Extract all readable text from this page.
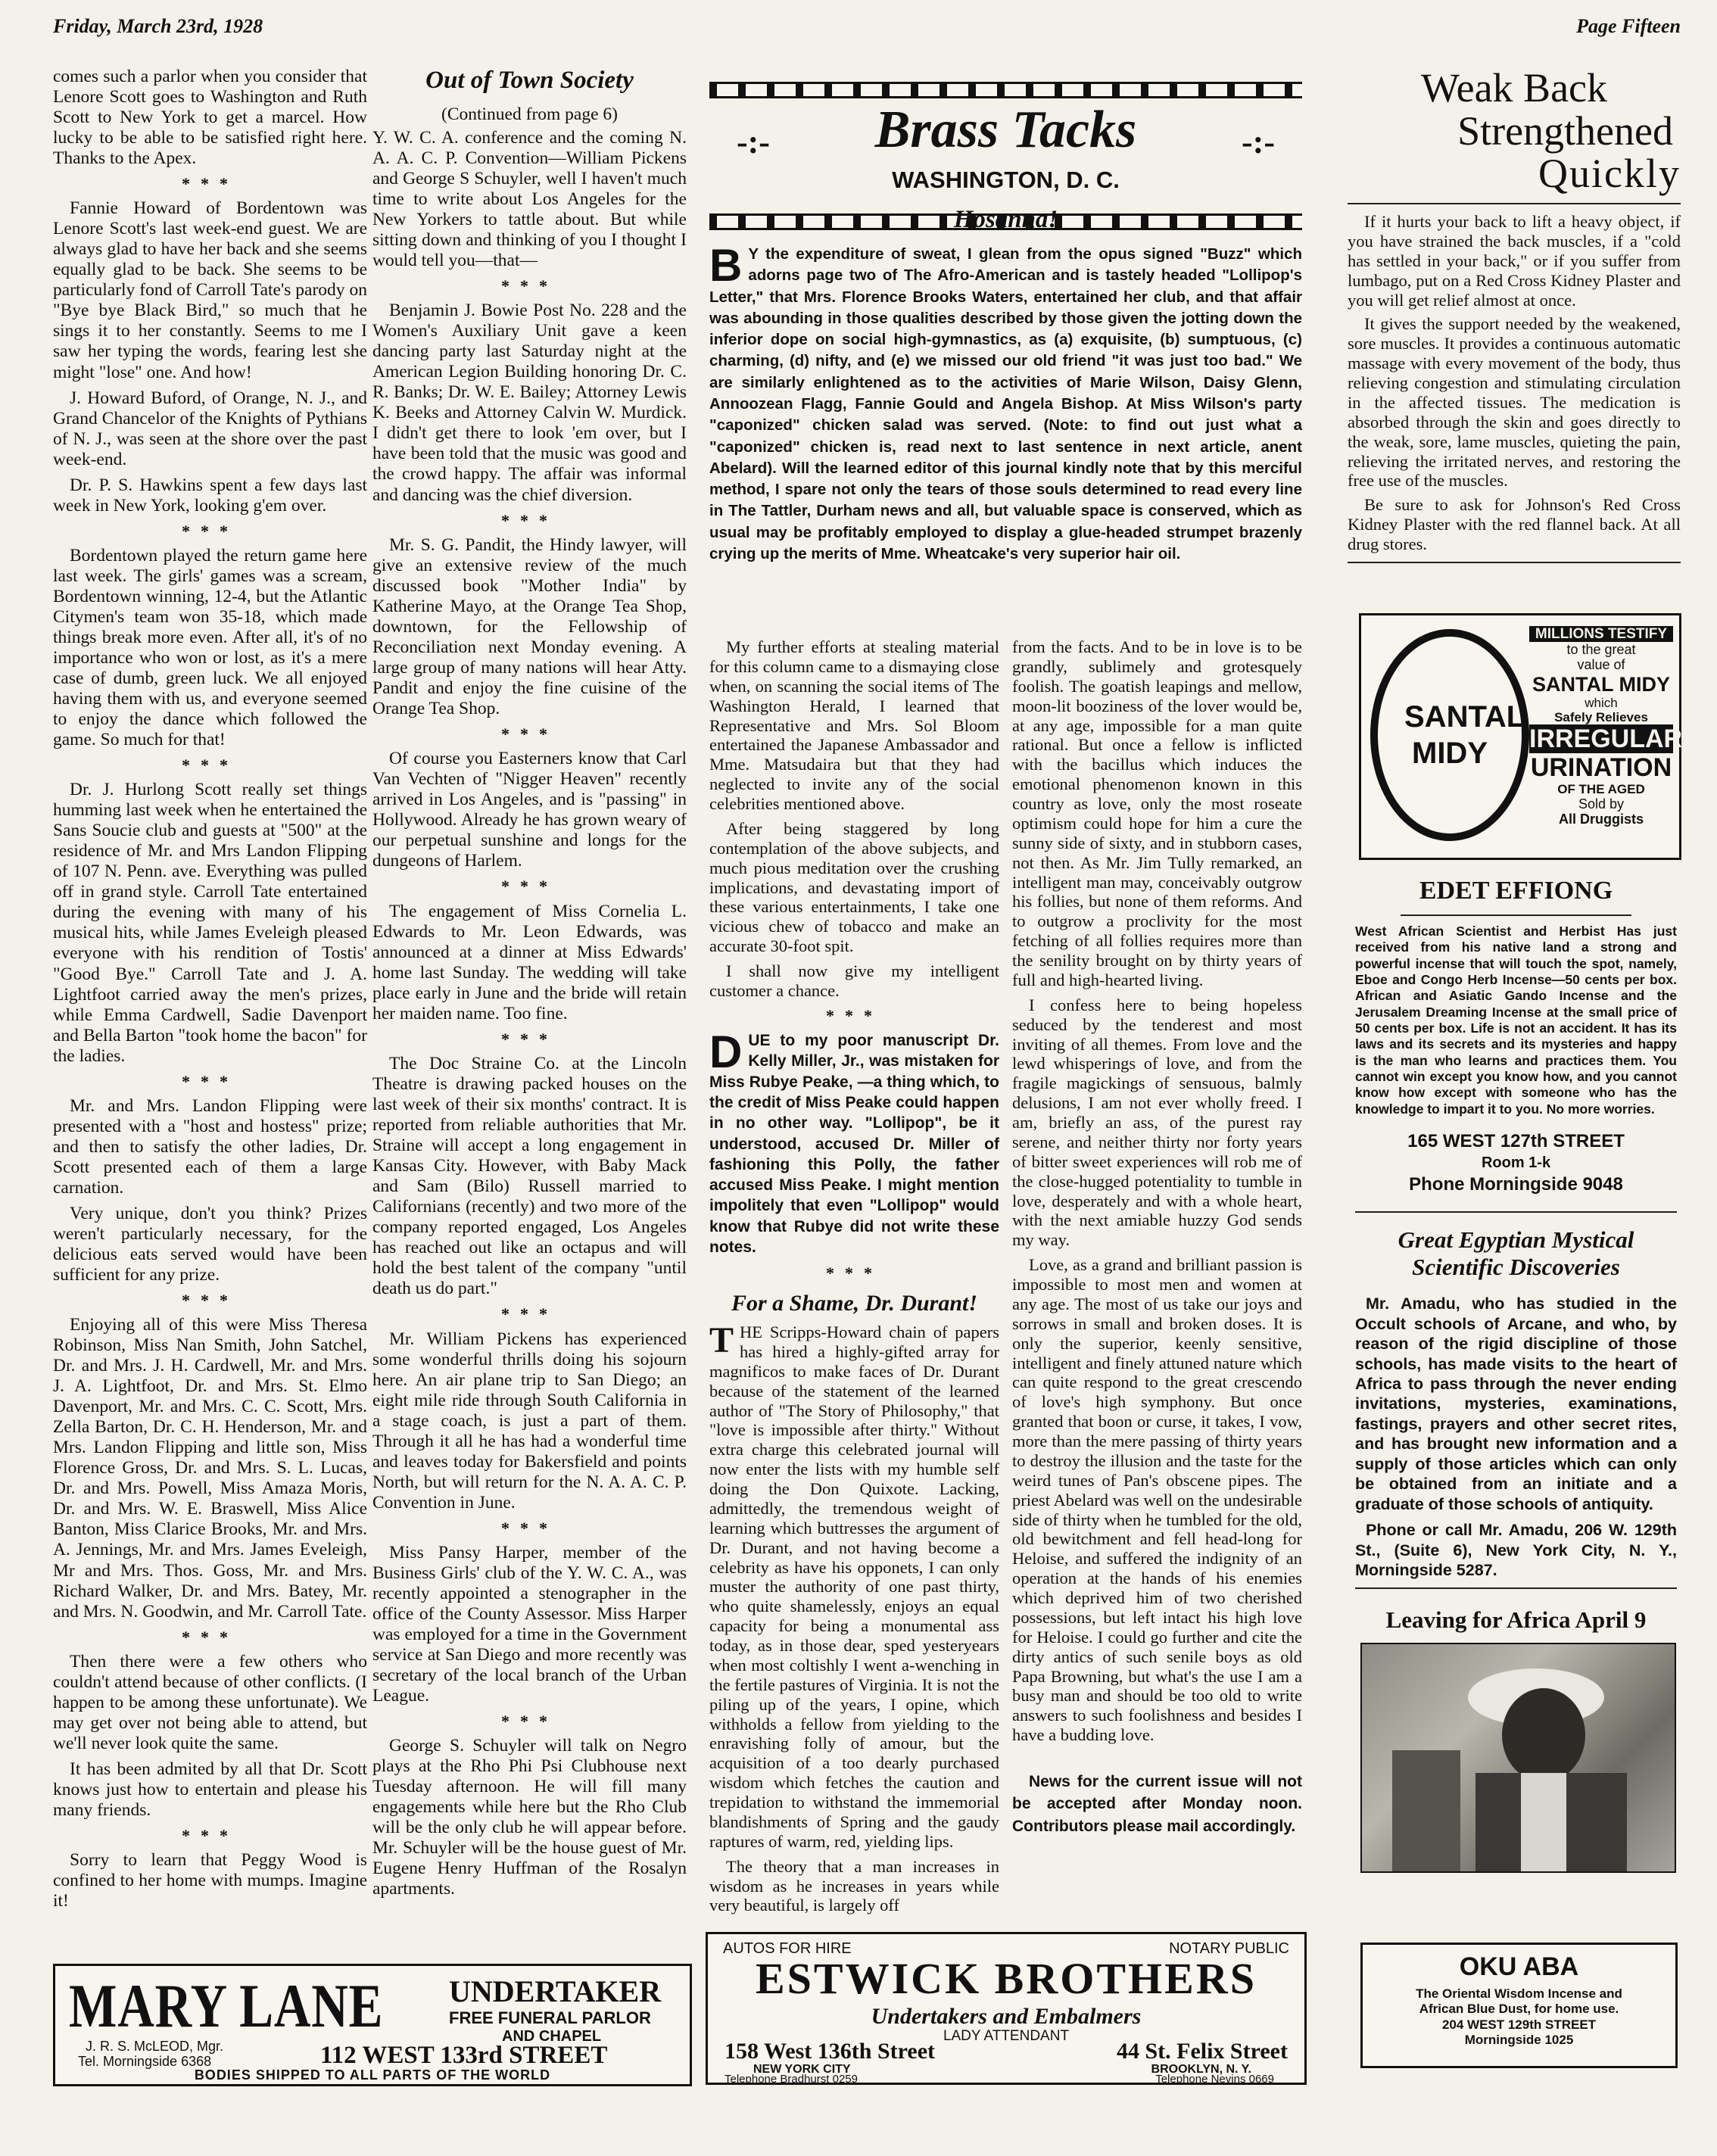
Friday, March 23rd, 1928	Page Fifteen

comes such a parlor when you consider that Lenore Scott goes to Washington and Ruth Scott to New York to get a marcel. How lucky to be able to be satisfied right here. Thanks to the Apex.

***

Fannie Howard of Bordentown was Lenore Scott's last week-end guest. We are always glad to have her back and she seems equally glad to be back. She seems to be particularly fond of Carroll Tate's parody on "Bye bye Black Bird," so much that he sings it to her constantly. Seems to me I saw her typing the words, fearing lest she might "lose" one. And how!

J. Howard Buford, of Orange, N. J., and Grand Chancelor of the Knights of Pythians of N. J., was seen at the shore over the past week-end.

Dr. P. S. Hawkins spent a few days last week in New York, looking g'em over.

***

Bordentown played the return game here last week. The girls' games was a scream, Bordentown winning, 12-4, but the Atlantic Citymen's team won 35-18, which made things break more even. After all, it's of no importance who won or lost, as it's a mere case of dumb, green luck. We all enjoyed having them with us, and everyone seemed to enjoy the dance which followed the game. So much for that!

***

Dr. J. Hurlong Scott really set things humming last week when he entertained the Sans Soucie club and guests at "500" at the residence of Mr. and Mrs Landon Flipping of 107 N. Penn. ave. Everything was pulled off in grand style. Carroll Tate entertained during the evening with many of his musical hits, while James Eveleigh pleased everyone with his rendition of Tostis' "Good Bye." Carroll Tate and J. A. Lightfoot carried away the men's prizes, while Emma Cardwell, Sadie Davenport and Bella Barton "took home the bacon" for the ladies.

***

Mr. and Mrs. Landon Flipping were presented with a "host and hostess" prize; and then to satisfy the other ladies, Dr. Scott presented each of them a large carnation.

Very unique, don't you think? Prizes weren't particularly necessary, for the delicious eats served would have been sufficient for any prize.

***

Enjoying all of this were Miss Theresa Robinson, Miss Nan Smith, John Satchel, Dr. and Mrs. J. H. Cardwell, Mr. and Mrs. J. A. Lightfoot, Dr. and Mrs. St. Elmo Davenport, Mr. and Mrs. C. C. Scott, Mrs. Zella Barton, Dr. C. H. Henderson, Mr. and Mrs. Landon Flipping and little son, Miss Florence Gross, Dr. and Mrs. S. L. Lucas, Dr. and Mrs. Powell, Miss Amaza Moris, Dr. and Mrs. W. E. Braswell, Miss Alice Banton, Miss Clarice Brooks, Mr. and Mrs. A. Jennings, Mr. and Mrs. James Eveleigh, Mr and Mrs. Thos. Goss, Mr. and Mrs. Richard Walker, Dr. and Mrs. Batey, Mr. and Mrs. N. Goodwin, and Mr. Carroll Tate.

***

Then there were a few others who couldn't attend because of other conflicts. (I happen to be among these unfortunate). We may get over not being able to attend, but we'll never look quite the same.

It has been admited by all that Dr. Scott knows just how to entertain and please his many friends.

***

Sorry to learn that Peggy Wood is confined to her home with mumps. Imagine it!

Out of Town Society
(Continued from page 6)

Y. W. C. A. conference and the coming N. A. A. C. P. Convention—William Pickens and George S Schuyler, well I haven't much time to write about Los Angeles for the New Yorkers to tattle about. But while sitting down and thinking of you I thought I would tell you—that—

***

Benjamin J. Bowie Post No. 228 and the Women's Auxiliary Unit gave a keen dancing party last Saturday night at the American Legion Building honoring Dr. C. R. Banks; Dr. W. E. Bailey; Attorney Lewis K. Beeks and Attorney Calvin W. Murdick. I didn't get there to look 'em over, but I have been told that the music was good and the crowd happy. The affair was informal and dancing was the chief diversion.

***

Mr. S. G. Pandit, the Hindy lawyer, will give an extensive review of the much discussed book "Mother India" by Katherine Mayo, at the Orange Tea Shop, downtown, for the Fellowship of Reconciliation next Monday evening. A large group of many nations will hear Atty. Pandit and enjoy the fine cuisine of the Orange Tea Shop.

***

Of course you Easterners know that Carl Van Vechten of "Nigger Heaven" recently arrived in Los Angeles, and is "passing" in Hollywood. Already he has grown weary of our perpetual sunshine and longs for the dungeons of Harlem.

***

The engagement of Miss Cornelia L. Edwards to Mr. Leon Edwards, was announced at a dinner at Miss Edwards' home last Sunday. The wedding will take place early in June and the bride will retain her maiden name. Too fine.

***

The Doc Straine Co. at the Lincoln Theatre is drawing packed houses on the last week of their six months' contract. It is reported from reliable authorities that Mr. Straine will accept a long engagement in Kansas City. However, with Baby Mack and Sam (Bilo) Russell married to Californians (recently) and two more of the company reported engaged, Los Angeles has reached out like an octapus and will hold the best talent of the company "until death us do part."

***

Mr. William Pickens has experienced some wonderful thrills doing his sojourn here. An air plane trip to San Diego; an eight mile ride through South California in a stage coach, is just a part of them. Through it all he has had a wonderful time and leaves today for Bakersfield and points North, but will return for the N. A. A. C. P. Convention in June.

***

Miss Pansy Harper, member of the Business Girls' club of the Y. W. C. A., was recently appointed a stenographer in the office of the County Assessor. Miss Harper was employed for a time in the Government service at San Diego and more recently was secretary of the local branch of the Urban League.

***

George S. Schuyler will talk on Negro plays at the Rho Phi Psi Clubhouse next Tuesday afternoon. He will fill many engagements while here but the Rho Club will be the only club he will appear before. Mr. Schuyler will be the house guest of Mr. Eugene Henry Huffman of the Rosalyn apartments.

-:-	Brass Tacks	-:-
WASHINGTON, D. C.
Hosanna!
B Y the expenditure of sweat, I glean from the opus signed "Buzz" which adorns page two of The Afro-American and is tastely headed "Lollipop's Letter," that Mrs. Florence Brooks Waters, entertained her club, and that affair was abounding in those qualities described by those given the jotting down the inferior dope on social high-gymnastics, as (a) exquisite, (b) sumptuous, (c) charming, (d) nifty, and (e) we missed our old friend "it was just too bad." We are similarly enlightened as to the activities of Marie Wilson, Daisy Glenn, Annoozean Flagg, Fannie Gould and Angela Bishop. At Miss Wilson's party "caponized" chicken salad was served. (Note: to find out just what a "caponized" chicken is, read next to last sentence in next article, anent Abelard). Will the learned editor of this journal kindly note that by this merciful method, I spare not only the tears of those souls determined to read every line in The Tattler, Durham news and all, but valuable space is conserved, which as usual may be profitably employed to display a glue-headed strumpet brazenly crying up the merits of Mme. Wheatcake's very superior hair oil.

My further efforts at stealing material for this column came to a dismaying close when, on scanning the social items of The Washington Herald, I learned that Representative and Mrs. Sol Bloom entertained the Japanese Ambassador and Mme. Matsudaira but that they had neglected to invite any of the social celebrities mentioned above.

After being staggered by long contemplation of the above subjects, and much pious meditation over the crushing implications, and devastating import of these various entertainments, I take one vicious chew of tobacco and make an accurate 30-foot spit.

I shall now give my intelligent customer a chance.

***
D UE to my poor manuscript Dr. Kelly Miller, Jr., was mistaken for Miss Rubye Peake, —a thing which, to the credit of Miss Peake could happen in no other way. "Lollipop", be it understood, accused Dr. Miller of fashioning this Polly, the father accused Miss Peake. I might mention impolitely that even "Lollipop" would know that Rubye did not write these notes.
***
For a Shame, Dr. Durant!

T HE Scripps-Howard chain of papers has hired a highly-gifted array for magnificos to make faces of Dr. Durant because of the statement of the learned author of "The Story of Philosophy," that "love is impossible after thirty." Without extra charge this celebrated journal will now enter the lists with my humble self doing the Don Quixote. Lacking, admittedly, the tremendous weight of learning which buttresses the argument of Dr. Durant, and not having become a celebrity as have his opponets, I can only muster the authority of one past thirty, who quite shamelessly, enjoys an equal capacity for being a monumental ass today, as in those dear, sped yesteryears when most coltishly I went a-wenching in the fertile pastures of Virginia. It is not the piling up of the years, I opine, which withholds a fellow from yielding to the enravishing folly of amour, but the acquisition of a too dearly purchased wisdom which fetches the caution and trepidation to withstand the immemorial blandishments of Spring and the gaudy raptures of warm, red, yielding lips.

The theory that a man increases in wisdom as he increases in years while very beautiful, is largely off

from the facts. And to be in love is to be grandly, sublimely and grotesquely foolish. The goatish leapings and mellow, moon-lit booziness of the lover would be, at any age, impossible for a man quite rational. But once a fellow is inflicted with the bacillus which induces the emotional phenomenon known in this country as love, only the most roseate optimism could hope for him a cure the sunny side of sixty, and in stubborn cases, not then. As Mr. Jim Tully remarked, an intelligent man may, conceivably outgrow his follies, but none of them reforms. And to outgrow a proclivity for the most fetching of all follies requires more than the senility brought on by thirty years of full and high-hearted living.

I confess here to being hopeless seduced by the tenderest and most inviting of all themes. From love and the lewd whisperings of love, and from the fragile magickings of sensuous, balmly delusions, I am not ever wholly freed. I am, briefly an ass, of the purest ray serene, and neither thirty nor forty years of bitter sweet experiences will rob me of the close-hugged potentiality to tumble in love, desperately and with a whole heart, with the next amiable huzzy God sends my way.

Love, as a grand and brilliant passion is impossible to most men and women at any age. The most of us take our joys and sorrows in small and broken doses. It is only the superior, keenly sensitive, intelligent and finely attuned nature which can quite respond to the great crescendo of love's high symphony. But once granted that boon or curse, it takes, I vow, more than the mere passing of thirty years to destroy the illusion and the taste for the weird tunes of Pan's obscene pipes. The priest Abelard was well on the undesirable side of thirty when he tumbled for the old, old bewitchment and fell head-long for Heloise, and suffered the indignity of an operation at the hands of his enemies which deprived him of two cherished possessions, but left intact his high love for Heloise. I could go further and cite the dirty antics of such senile boys as old Papa Browning, but what's the use I am a busy man and should be too old to write answers to such foolishness and besides I have a budding love.

News for the current issue will not be accepted after Monday noon. Contributors please mail accordingly.
Weak Back
Strengthened
Quickly

If it hurts your back to lift a heavy object, if you have strained the back muscles, if a "cold has settled in your back," or if you suffer from lumbago, put on a Red Cross Kidney Plaster and you will get relief almost at once.

It gives the support needed by the weakened, sore muscles. It provides a continuous automatic massage with every movement of the body, thus relieving congestion and stimulating circulation in the affected tissues. The medication is absorbed through the skin and goes directly to the weak, sore, lame muscles, quieting the pain, relieving the irritated nerves, and restoring the free use of the muscles.

Be sure to ask for Johnson's Red Cross Kidney Plaster with the red flannel back. At all drug stores.

SANTAL MIDY
MILLIONS TESTIFY
to the great
value of
SANTAL MIDY
which
Safely Relieves
IRREGULAR
URINATION
OF THE AGED
Sold by
All Druggists
EDET EFFIONG
West African Scientist and Herbist Has just received from his native land a strong and powerful incense that will touch the spot, namely, Eboe and Congo Herb Incense—50 cents per box. African and Asiatic Gando Incense and the Jerusalem Dreaming Incense at the small price of 50 cents per box. Life is not an accident. It has its laws and its secrets and its mysteries and happy is the man who learns and practices them. You cannot win except you know how, and you cannot know how except with someone who has the knowledge to impart it to you. No more worries.
165 WEST 127th STREET
Room 1-k
Phone Morningside 9048
Great Egyptian Mystical
Scientific Discoveries
Mr. Amadu, who has studied in the Occult schools of Arcane, and who, by reason of the rigid discipline of those schools, has made visits to the heart of Africa to pass through the never ending invitations, mysteries, examinations, fastings, prayers and other secret rites, and has brought new information and a supply of those articles which can only be obtained from an initiate and a graduate of those schools of antiquity.
Phone or call Mr. Amadu, 206 W. 129th St., (Suite 6), New York City, N. Y., Morningside 5287.
Leaving for Africa April 9
OKU ABA
The Oriental Wisdom Incense and
African Blue Dust, for home use.
204 WEST 129th STREET
Morningside 1025
MARY LANE UNDERTAKER
FREE FUNERAL PARLOR
AND CHAPEL
J. R. S. McLEOD, Mgr.
Tel. Morningside 6368	112 WEST 133rd STREET
BODIES SHIPPED TO ALL PARTS OF THE WORLD
AUTOS FOR HIRE	NOTARY PUBLIC
ESTWICK BROTHERS
Undertakers and Embalmers
LADY ATTENDANT
158 West 136th Street
NEW YORK CITY
Telephone Bradhurst 0259
44 St. Felix Street
BROOKLYN, N. Y.
Telephone Nevins 0669
